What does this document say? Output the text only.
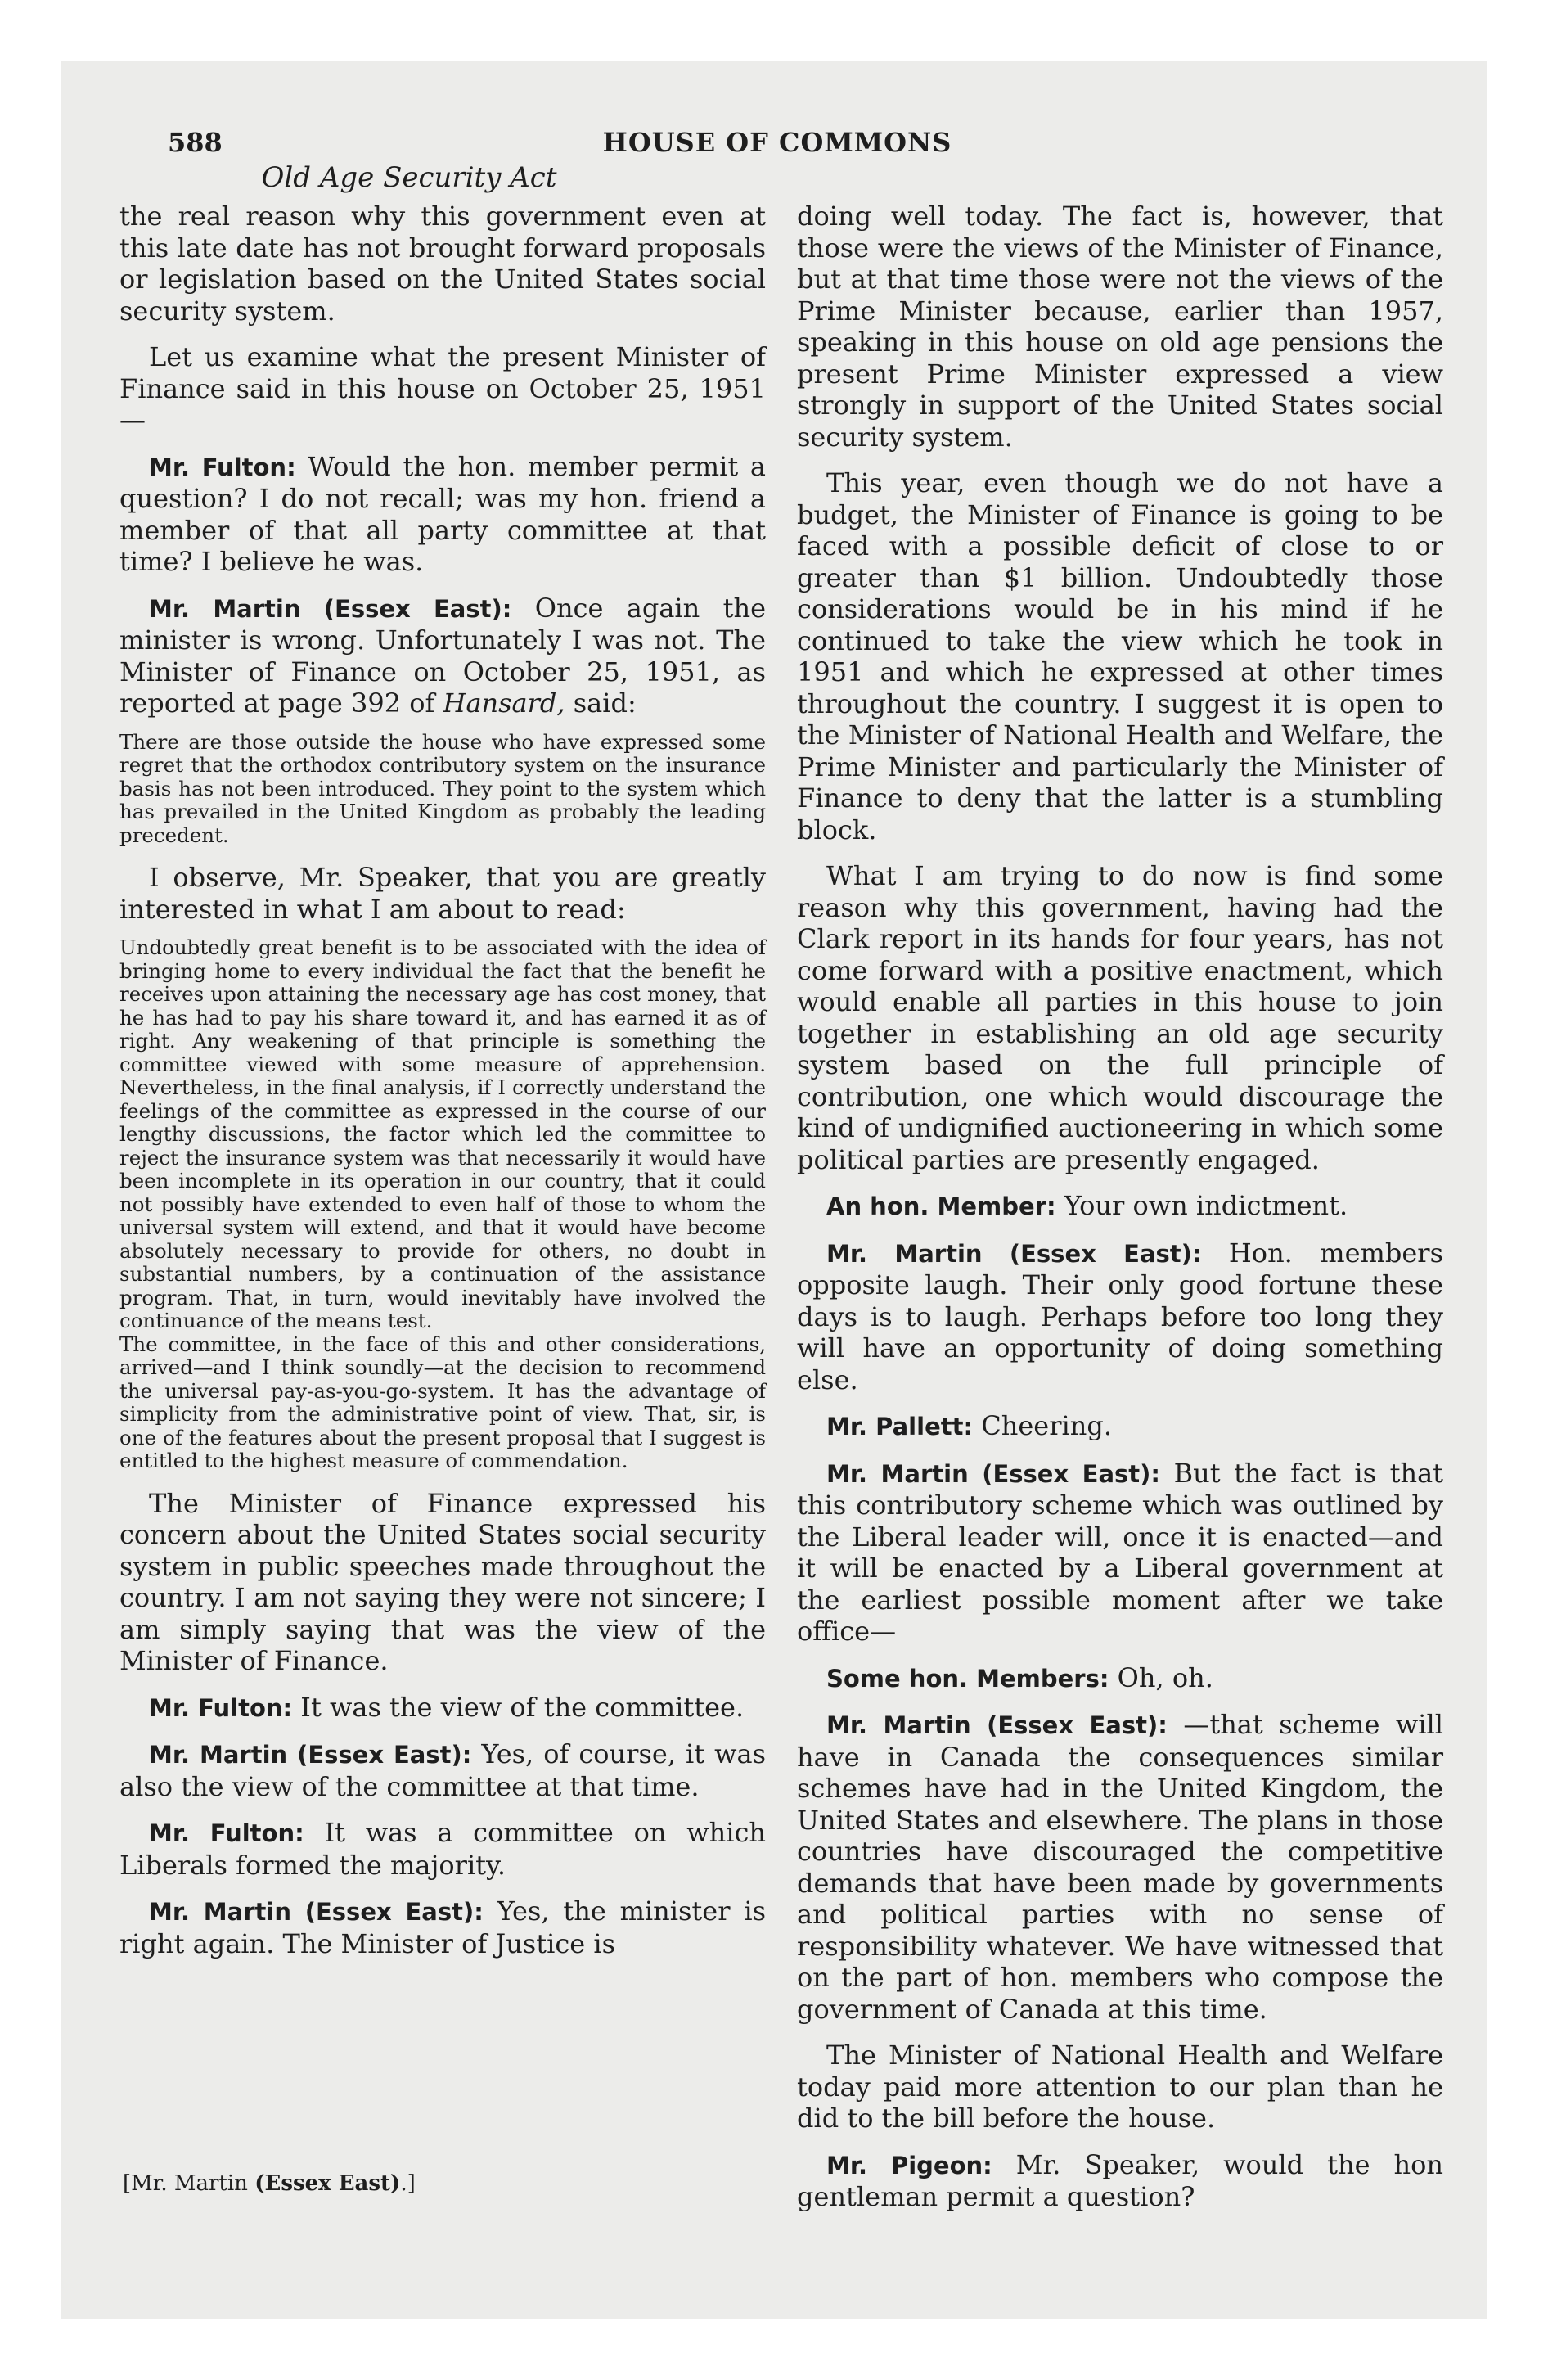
588	HOUSE OF COMMONS
Old Age Security Act

the real reason why this government even at this late date has not brought forward proposals or legislation based on the United States social security system.

Let us examine what the present Minister of Finance said in this house on October 25, 1951—

Mr. Fulton: Would the hon. member permit a question? I do not recall; was my hon. friend a member of that all party committee at that time? I believe he was.

Mr. Martin (Essex East): Once again the minister is wrong. Unfortunately I was not. The Minister of Finance on October 25, 1951, as reported at page 392 of Hansard, said:

There are those outside the house who have expressed some regret that the orthodox contributory system on the insurance basis has not been introduced. They point to the system which has prevailed in the United Kingdom as probably the leading precedent.

I observe, Mr. Speaker, that you are greatly interested in what I am about to read:

Undoubtedly great benefit is to be associated with the idea of bringing home to every individual the fact that the benefit he receives upon attaining the necessary age has cost money, that he has had to pay his share toward it, and has earned it as of right. Any weakening of that principle is something the committee viewed with some measure of apprehension. Nevertheless, in the final analysis, if I correctly understand the feelings of the committee as expressed in the course of our lengthy discussions, the factor which led the committee to reject the insurance system was that necessarily it would have been incomplete in its operation in our country, that it could not possibly have extended to even half of those to whom the universal system will extend, and that it would have become absolutely necessary to provide for others, no doubt in substantial numbers, by a continuation of the assistance program. That, in turn, would inevitably have involved the continuance of the means test.

The committee, in the face of this and other considerations, arrived—and I think soundly—at the decision to recommend the universal pay-as-you-go-system. It has the advantage of simplicity from the administrative point of view. That, sir, is one of the features about the present proposal that I suggest is entitled to the highest measure of commendation.

The Minister of Finance expressed his concern about the United States social security system in public speeches made throughout the country. I am not saying they were not sincere; I am simply saying that was the view of the Minister of Finance.

Mr. Fulton: It was the view of the committee.

Mr. Martin (Essex East): Yes, of course, it was also the view of the committee at that time.

Mr. Fulton: It was a committee on which Liberals formed the majority.

Mr. Martin (Essex East): Yes, the minister is right again. The Minister of Justice is

doing well today. The fact is, however, that those were the views of the Minister of Finance, but at that time those were not the views of the Prime Minister because, earlier than 1957, speaking in this house on old age pensions the present Prime Minister expressed a view strongly in support of the United States social security system.

This year, even though we do not have a budget, the Minister of Finance is going to be faced with a possible deficit of close to or greater than $1 billion. Undoubtedly those considerations would be in his mind if he continued to take the view which he took in 1951 and which he expressed at other times throughout the country. I suggest it is open to the Minister of National Health and Welfare, the Prime Minister and particularly the Minister of Finance to deny that the latter is a stumbling block.

What I am trying to do now is find some reason why this government, having had the Clark report in its hands for four years, has not come forward with a positive enactment, which would enable all parties in this house to join together in establishing an old age security system based on the full principle of contribution, one which would discourage the kind of undignified auctioneering in which some political parties are presently engaged.

An hon. Member: Your own indictment.

Mr. Martin (Essex East): Hon. members opposite laugh. Their only good fortune these days is to laugh. Perhaps before too long they will have an opportunity of doing something else.

Mr. Pallett: Cheering.

Mr. Martin (Essex East): But the fact is that this contributory scheme which was outlined by the Liberal leader will, once it is enacted—and it will be enacted by a Liberal government at the earliest possible moment after we take office—

Some hon. Members: Oh, oh.

Mr. Martin (Essex East): —that scheme will have in Canada the consequences similar schemes have had in the United Kingdom, the United States and elsewhere. The plans in those countries have discouraged the competitive demands that have been made by governments and political parties with no sense of responsibility whatever. We have witnessed that on the part of hon. members who compose the government of Canada at this time.

The Minister of National Health and Welfare today paid more attention to our plan than he did to the bill before the house.

Mr. Pigeon: Mr. Speaker, would the hon gentleman permit a question?

[Mr. Martin (Essex East).]
